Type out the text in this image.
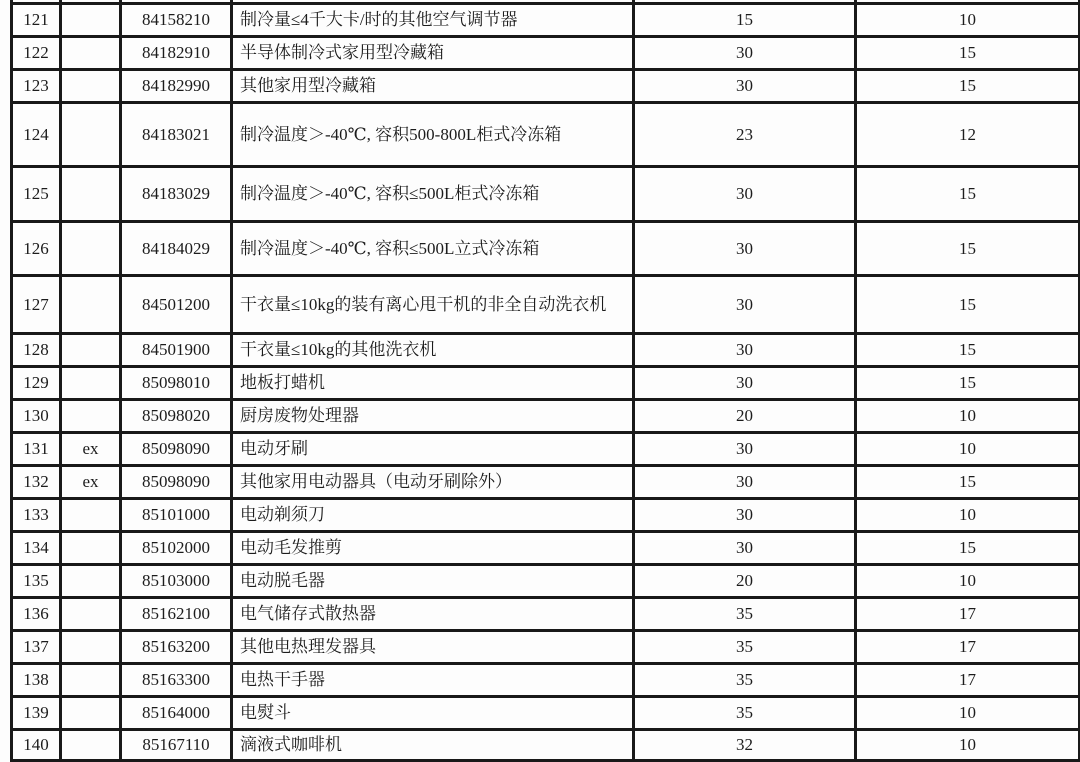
121		84158210	制冷量≤4千大卡/时的其他空气调节器	15	10
122		84182910	半导体制冷式家用型冷藏箱	30	15
123		84182990	其他家用型冷藏箱	30	15
124		84183021	制冷温度＞-40℃, 容积500-800L柜式冷冻箱	23	12
125		84183029	制冷温度＞-40℃, 容积≤500L柜式冷冻箱	30	15
126		84184029	制冷温度＞-40℃, 容积≤500L立式冷冻箱	30	15
127		84501200	干衣量≤10kg的装有离心甩干机的非全自动洗衣机	30	15
128		84501900	干衣量≤10kg的其他洗衣机	30	15
129		85098010	地板打蜡机	30	15
130		85098020	厨房废物处理器	20	10
131	ex	85098090	电动牙刷	30	10
132	ex	85098090	其他家用电动器具（电动牙刷除外）	30	15
133		85101000	电动剃须刀	30	10
134		85102000	电动毛发推剪	30	15
135		85103000	电动脱毛器	20	10
136		85162100	电气储存式散热器	35	17
137		85163200	其他电热理发器具	35	17
138		85163300	电热干手器	35	17
139		85164000	电熨斗	35	10
140		85167110	滴液式咖啡机	32	10
